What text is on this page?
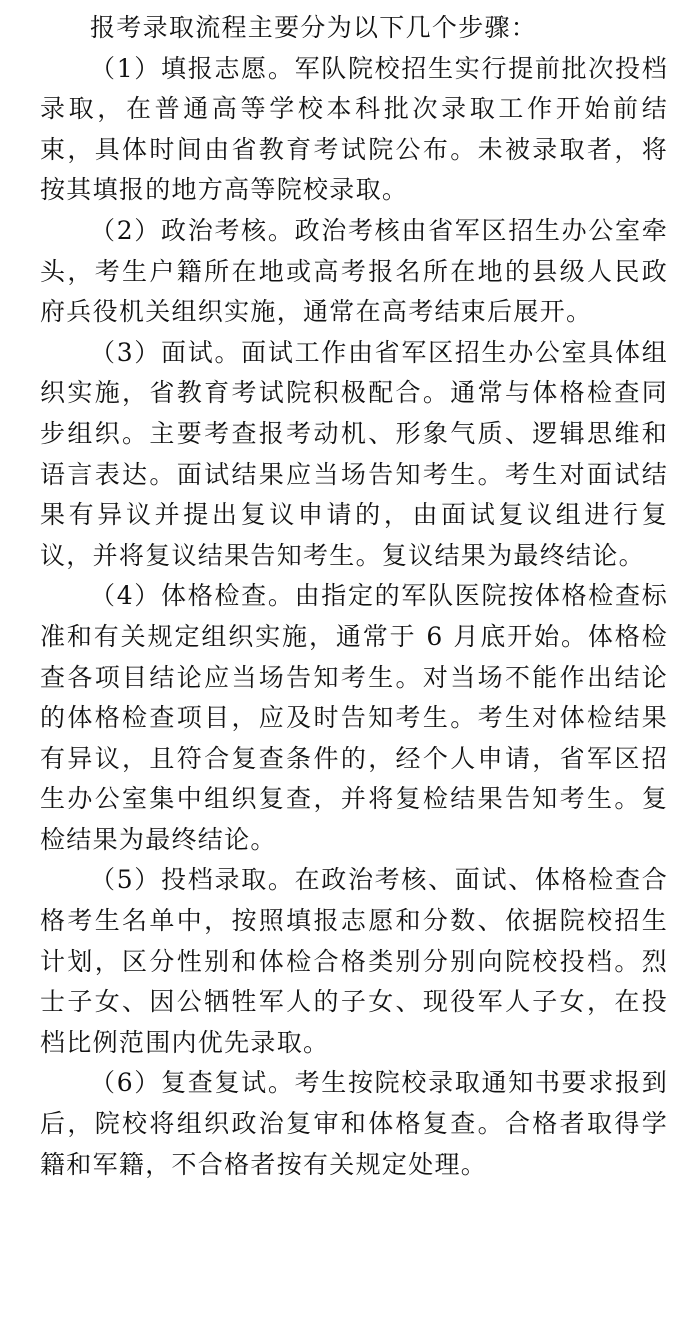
报考录取流程主要分为以下几个步骤：

（1）填报志愿。军队院校招生实行提前批次投档录取，在普通高等学校本科批次录取工作开始前结束，具体时间由省教育考试院公布。未被录取者，将按其填报的地方高等院校录取。

（2）政治考核。政治考核由省军区招生办公室牵头，考生户籍所在地或高考报名所在地的县级人民政府兵役机关组织实施，通常在高考结束后展开。

（3）面试。面试工作由省军区招生办公室具体组织实施，省教育考试院积极配合。通常与体格检查同步组织。主要考查报考动机、形象气质、逻辑思维和语言表达。面试结果应当场告知考生。考生对面试结果有异议并提出复议申请的，由面试复议组进行复议，并将复议结果告知考生。复议结果为最终结论。

（4）体格检查。由指定的军队医院按体格检查标准和有关规定组织实施，通常于 6 月底开始。体格检查各项目结论应当场告知考生。对当场不能作出结论的体格检查项目，应及时告知考生。考生对体检结果有异议，且符合复查条件的，经个人申请，省军区招生办公室集中组织复查，并将复检结果告知考生。复检结果为最终结论。

（5）投档录取。在政治考核、面试、体格检查合格考生名单中，按照填报志愿和分数、依据院校招生计划，区分性别和体检合格类别分别向院校投档。烈士子女、因公牺牲军人的子女、现役军人子女，在投档比例范围内优先录取。

（6）复查复试。考生按院校录取通知书要求报到后，院校将组织政治复审和体格复查。合格者取得学籍和军籍，不合格者按有关规定处理。
